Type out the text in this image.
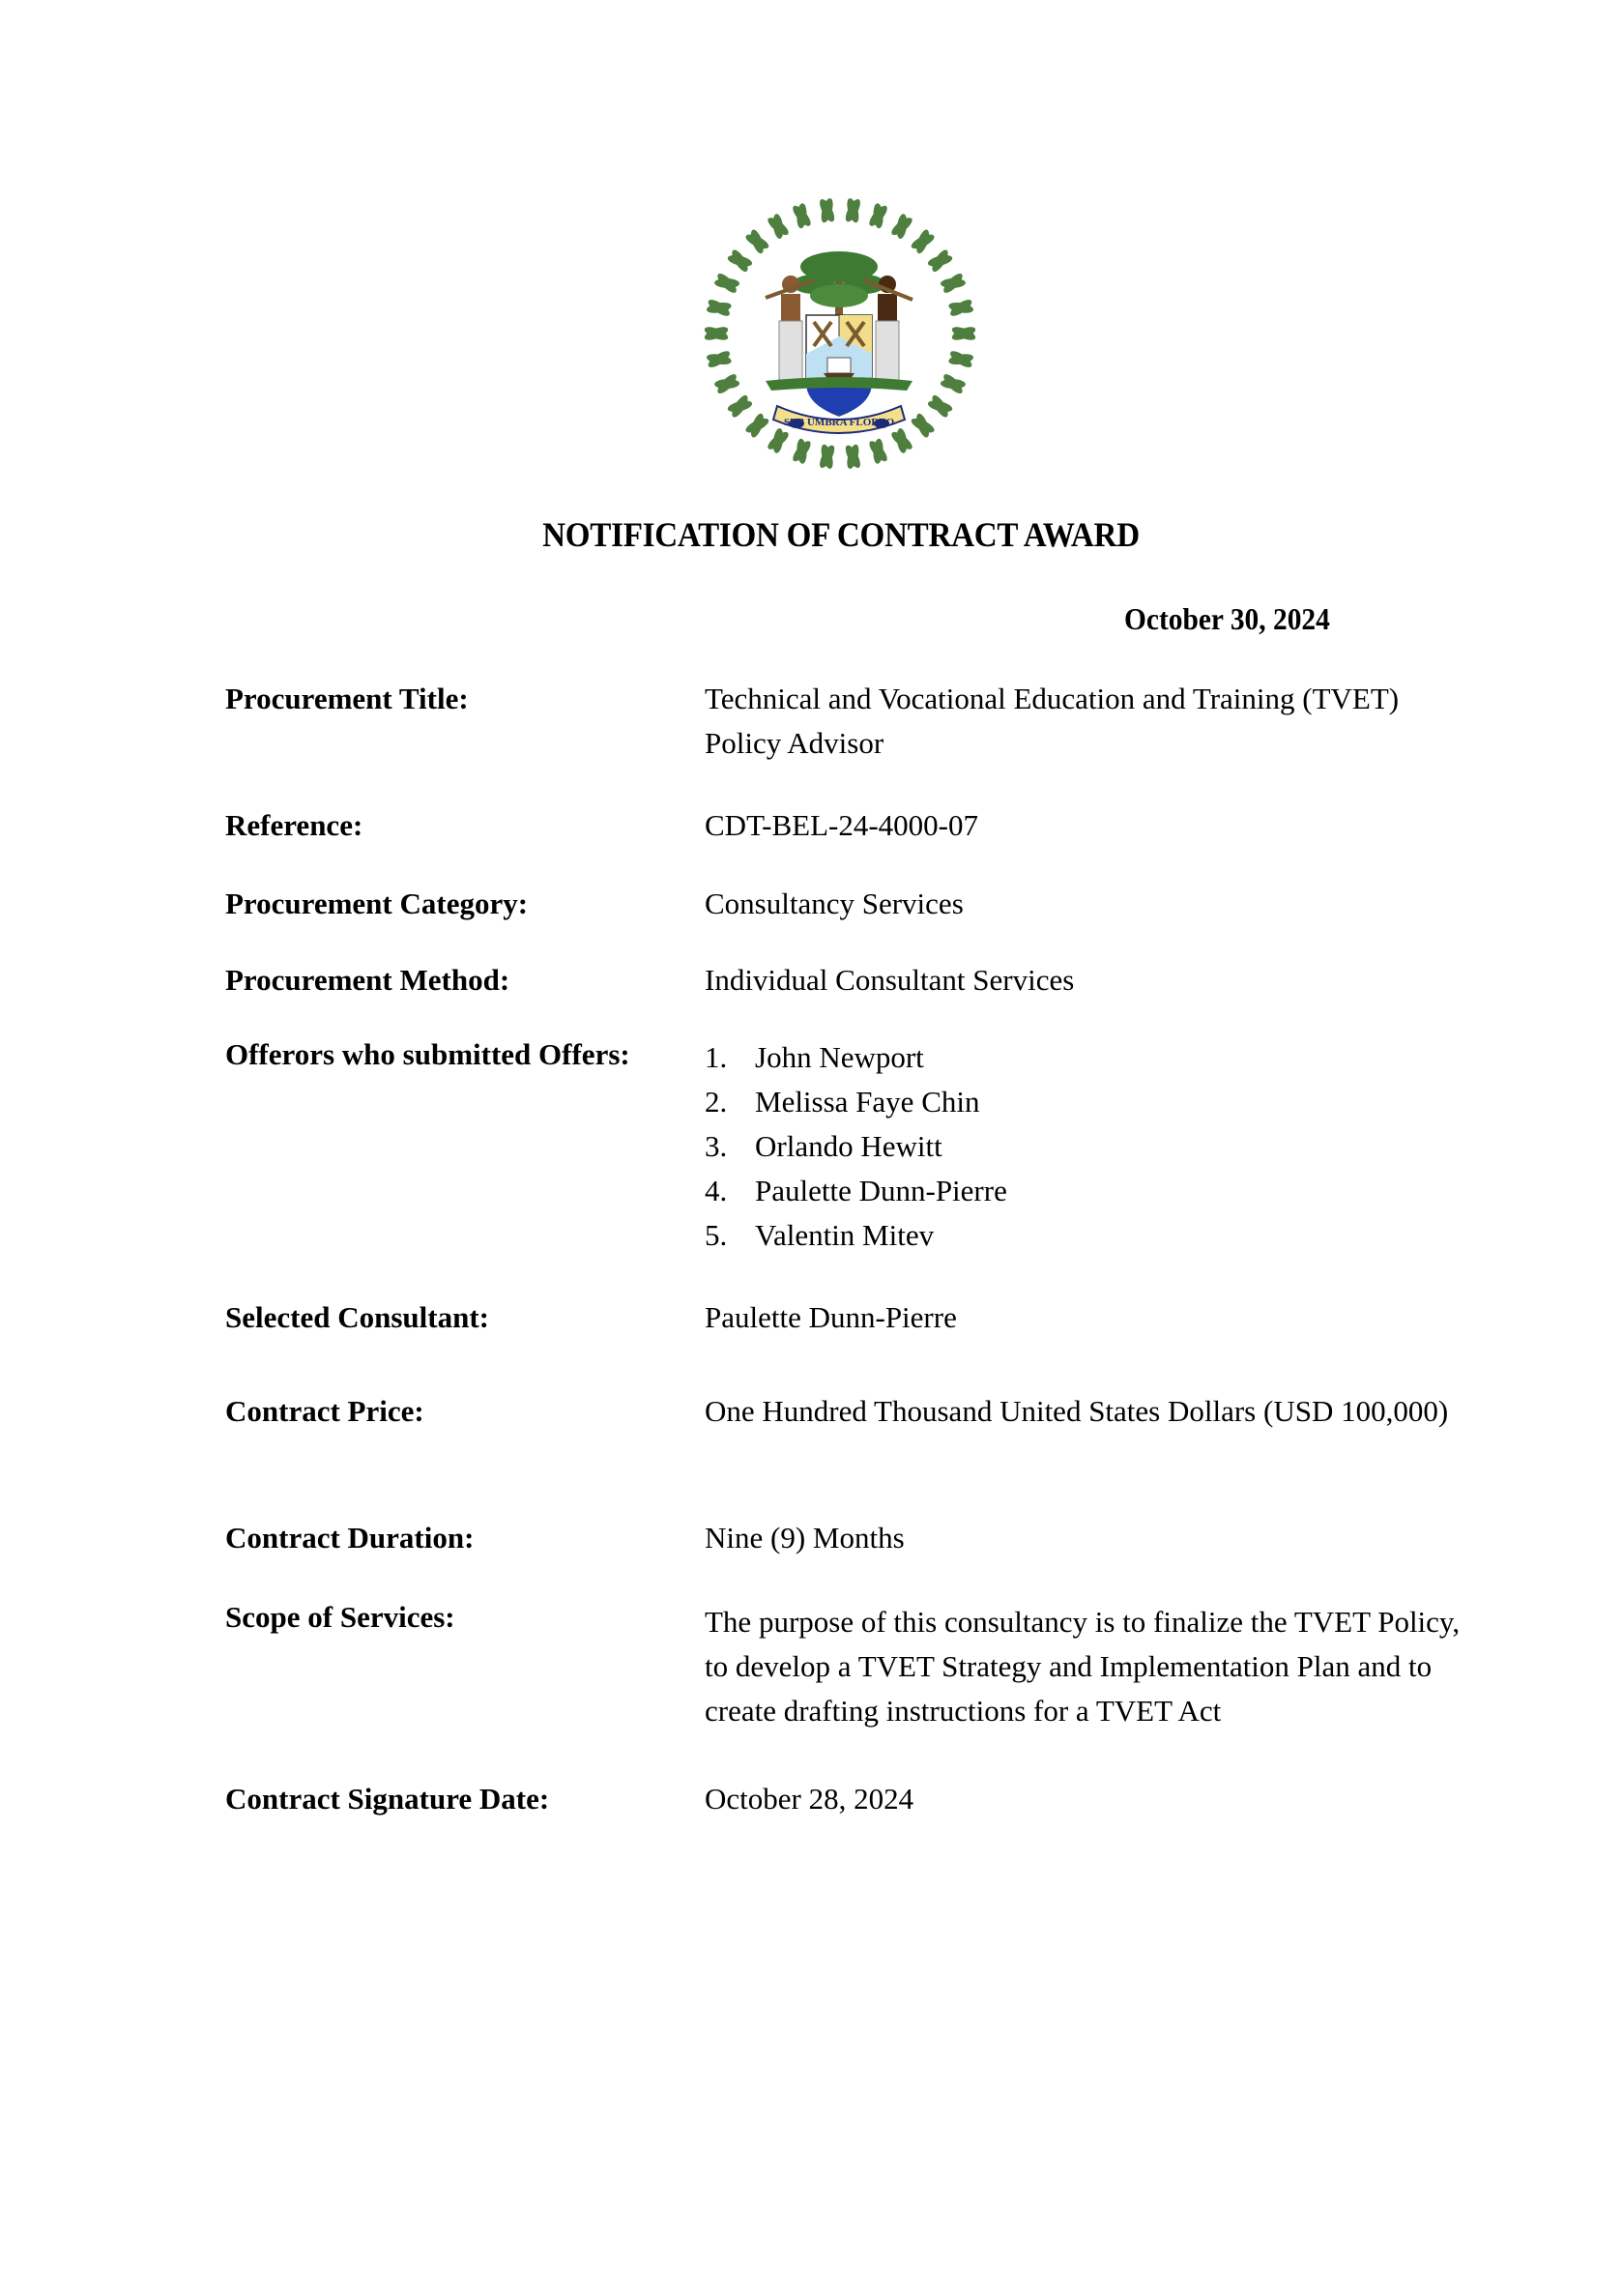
SUB UMBRA FLOREO
NOTIFICATION OF CONTRACT AWARD
October 30, 2024
Procurement Title:	Technical and Vocational Education and Training (TVET) Policy Advisor
Reference:	CDT-BEL-24-4000-07
Procurement Category:	Consultancy Services
Procurement Method:	Individual Consultant Services
Offerors who submitted Offers: 1. John Newport
2. Melissa Faye Chin
3. Orlando Hewitt
4. Paulette Dunn-Pierre
5. Valentin Mitev
Selected Consultant:	Paulette Dunn-Pierre
Contract Price:	One Hundred Thousand United States Dollars (USD 100,000)
Contract Duration:	Nine (9) Months
Scope of Services:	The purpose of this consultancy is to finalize the TVET Policy, to develop a TVET Strategy and Implementation Plan and to create drafting instructions for a TVET Act
Contract Signature Date:	October 28, 2024
